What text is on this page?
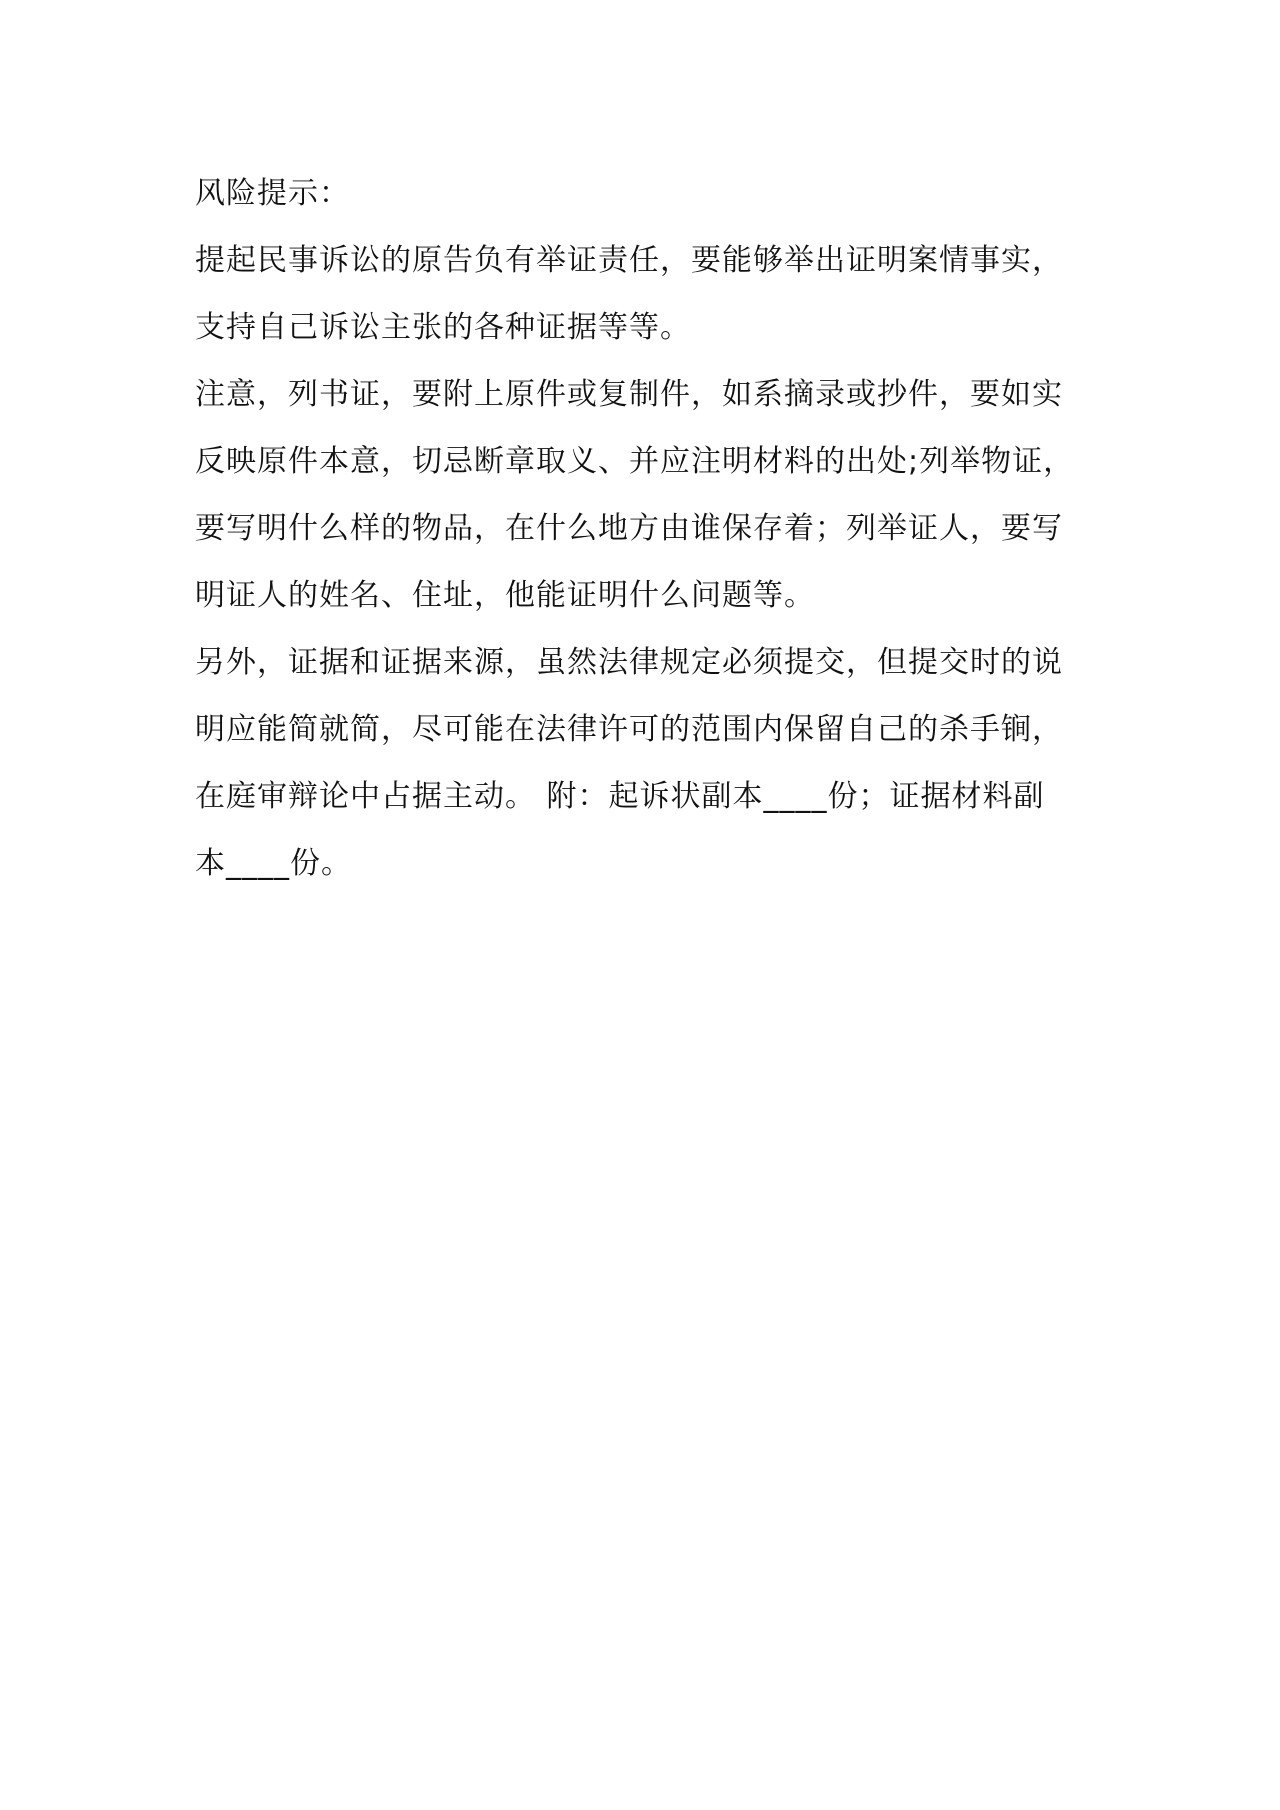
风险提示：
提起民事诉讼的原告负有举证责任，要能够举出证明案情事实，
支持自己诉讼主张的各种证据等等。
注意，列书证，要附上原件或复制件，如系摘录或抄件，要如实
反映原件本意，切忌断章取义、并应注明材料的出处;列举物证，
要写明什么样的物品，在什么地方由谁保存着；列举证人，要写
明证人的姓名、住址，他能证明什么问题等。
另外，证据和证据来源，虽然法律规定必须提交，但提交时的说
明应能简就简，尽可能在法律许可的范围内保留自己的杀手锏，
在庭审辩论中占据主动。 附：起诉状副本____份；证据材料副
本____份。
